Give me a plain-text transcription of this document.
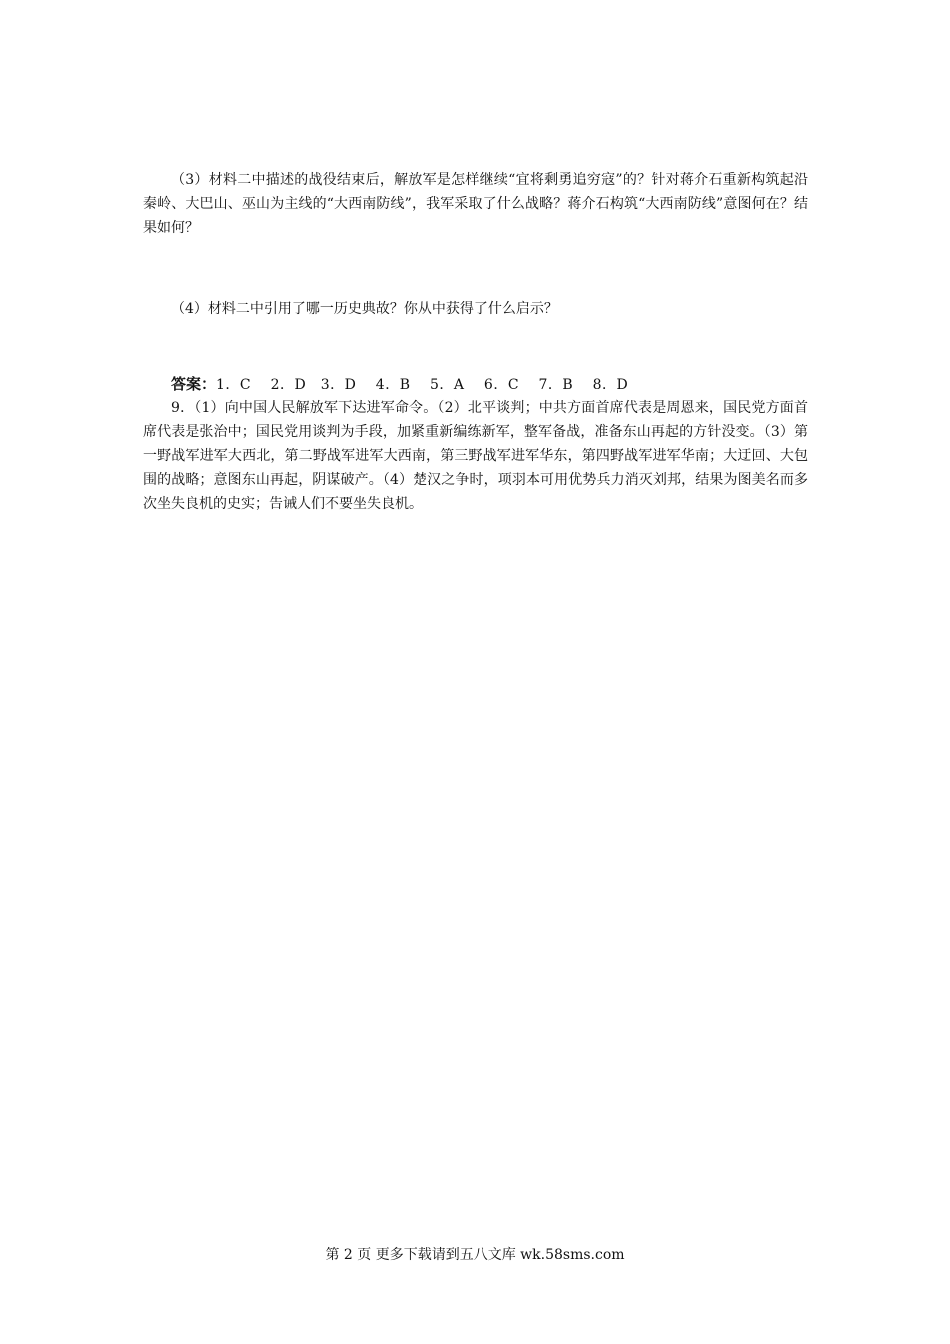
（3）材料二中描述的战役结束后，解放军是怎样继续“宜将剩勇追穷寇”的？针对蒋介石重新构筑起沿秦岭、大巴山、巫山为主线的“大西南防线”，我军采取了什么战略？蒋介石构筑“大西南防线”意图何在？结果如何？

（4）材料二中引用了哪一历史典故？你从中获得了什么启示？

答案：1．C　 2．D　3．D　 4．B　 5．A　 6．C　 7．B　 8．D

9．（1）向中国人民解放军下达进军命令。（2）北平谈判；中共方面首席代表是周恩来，国民党方面首席代表是张治中；国民党用谈判为手段，加紧重新编练新军，整军备战，准备东山再起的方针没变。（3）第一野战军进军大西北，第二野战军进军大西南，第三野战军进军华东，第四野战军进军华南；大迂回、大包围的战略；意图东山再起，阴谋破产。（4）楚汉之争时，项羽本可用优势兵力消灭刘邦，结果为图美名而多次坐失良机的史实；告诫人们不要坐失良机。

第 2 页 更多下载请到五八文库 wk.58sms.com
